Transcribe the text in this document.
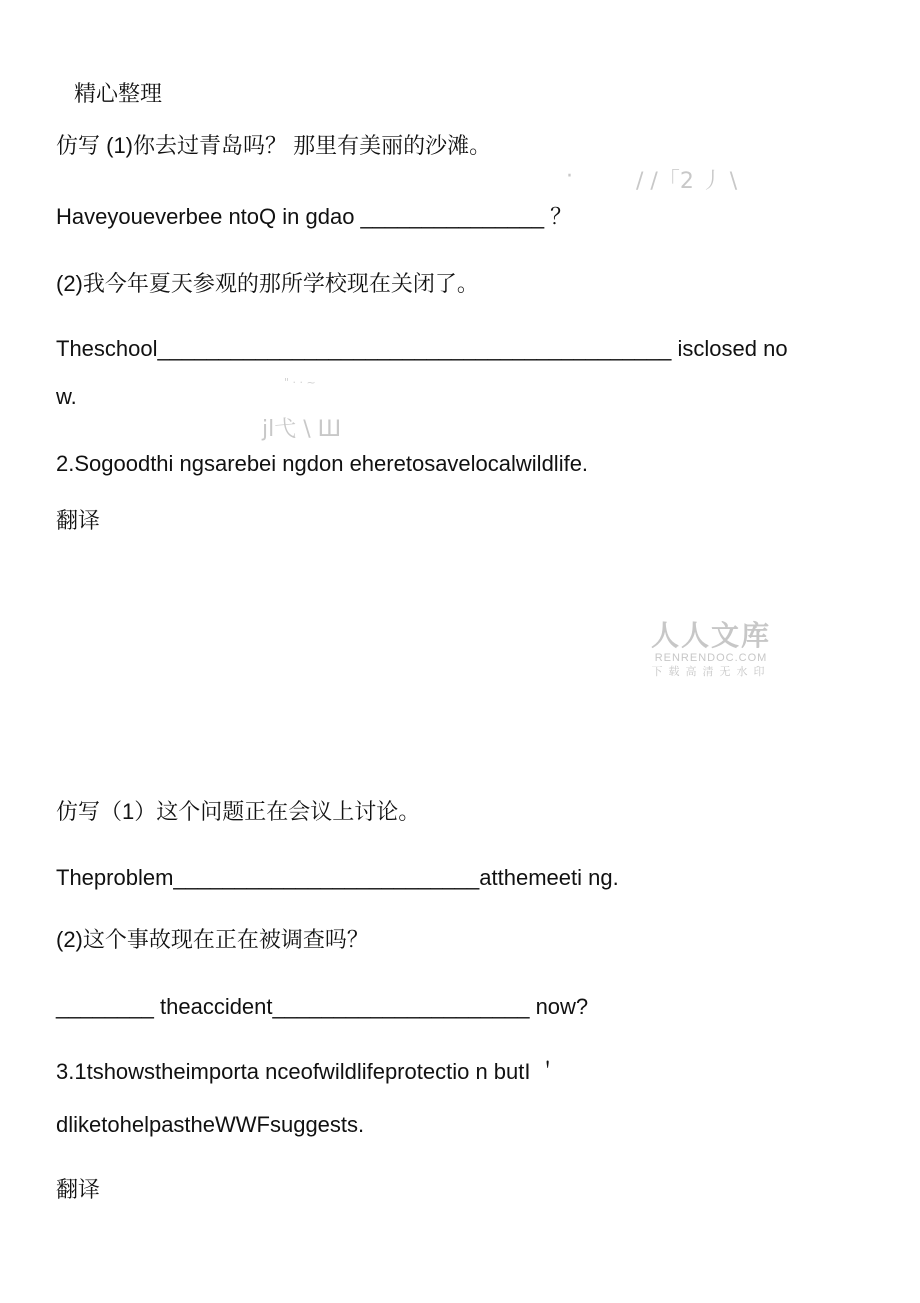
精心整理
仿写 (1)你去过青岛吗？ 那里有美丽的沙滩。
·	/ /「2 丿 \
Haveyoueverbee ntoQ in gdao _______________ ？
(2)我今年夏天参观的那所学校现在关闭了。
Theschool__________________________________________ isclosed no
" · · ~
w.
jl弋 \ Ш
2.Sogoodthi ngsarebei ngdon eheretosavelocalwildlife.
翻译
人人文库
RENRENDOC.COM
下载高清无水印
仿写（1）这个问题正在会议上讨论。
Theproblem_________________________atthemeeti ng.
(2)这个事故现在正在被调查吗？
________ theaccident_____________________ now?
3.1tshowstheimporta nceofwildlifeprotectio n butI ＇
dliketohelpastheWWFsuggests.
翻译
